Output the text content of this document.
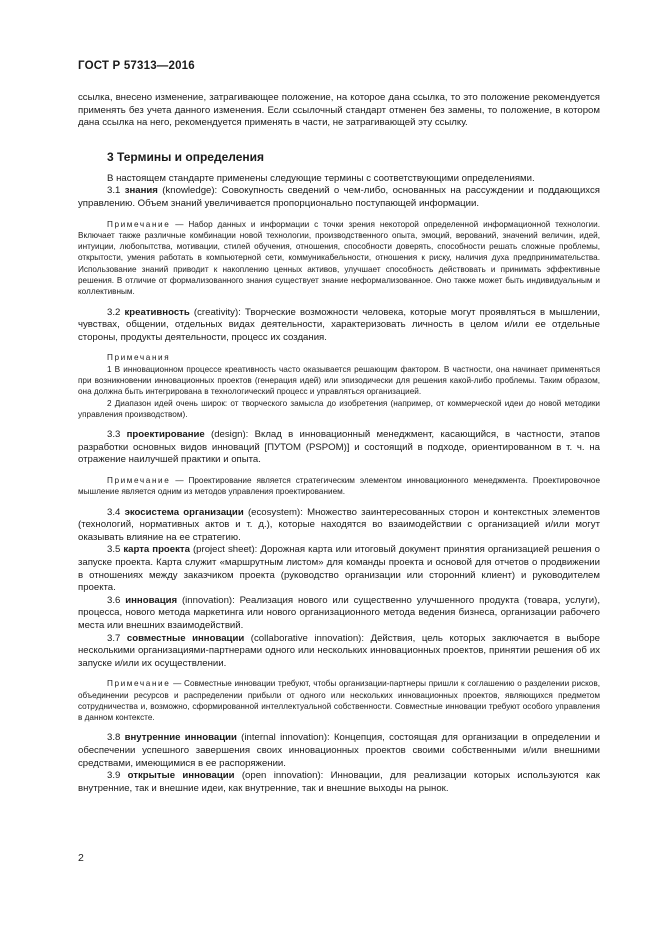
ГОСТ Р 57313—2016

ссылка, внесено изменение, затрагивающее положение, на которое дана ссылка, то это положение рекомендуется применять без учета данного изменения. Если ссылочный стандарт отменен без замены, то положение, в котором дана ссылка на него, рекомендуется применять в части, не затрагивающей эту ссылку.

3 Термины и определения

В настоящем стандарте применены следующие термины с соответствующими определениями.

3.1 знания (knowledge): Совокупность сведений о чем-либо, основанных на рассуждении и поддающихся управлению. Объем знаний увеличивается пропорционально поступающей информации.

Примечание — Набор данных и информации с точки зрения некоторой определенной информационной технологии. Включает также различные комбинации новой технологии, производственного опыта, эмоций, верований, значений величин, идей, интуиции, любопытства, мотивации, стилей обучения, отношения, способности доверять, способности решать сложные проблемы, открытости, умения работать в компьютерной сети, коммуникабельности, отношения к риску, наличия духа предпринимательства. Использование знаний приводит к накоплению ценных активов, улучшает способность действовать и принимать эффективные решения. В отличие от формализованного знания существует знание неформализованное. Оно также может быть индивидуальным и коллективным.

3.2 креативность (creativity): Творческие возможности человека, которые могут проявляться в мышлении, чувствах, общении, отдельных видах деятельности, характеризовать личность в целом и/или ее отдельные стороны, продукты деятельности, процесс их создания.

Примечания

1 В инновационном процессе креативность часто оказывается решающим фактором. В частности, она начинает применяться при возникновении инновационных проектов (генерация идей) или эпизодически для решения какой-либо проблемы. Таким образом, она должна быть интегрирована в технологический процесс и управляться организацией.

2 Диапазон идей очень широк: от творческого замысла до изобретения (например, от коммерческой идеи до новой методики управления производством).

3.3 проектирование (design): Вклад в инновационный менеджмент, касающийся, в частности, этапов разработки основных видов инноваций [ПУТОМ (PSPOM)] и состоящий в подходе, ориентированном в т. ч. на отражение наилучшей практики и опыта.

Примечание — Проектирование является стратегическим элементом инновационного менеджмента. Проектировочное мышление является одним из методов управления проектированием.

3.4 экосистема организации (ecosystem): Множество заинтересованных сторон и контекстных элементов (технологий, нормативных актов и т. д.), которые находятся во взаимодействии с организацией и/или могут оказывать влияние на ее стратегию.

3.5 карта проекта (project sheet): Дорожная карта или итоговый документ принятия организацией решения о запуске проекта. Карта служит «маршрутным листом» для команды проекта и основой для отчетов о продвижении в отношениях между заказчиком проекта (руководство организации или сторонний клиент) и руководителем проекта.

3.6 инновация (innovation): Реализация нового или существенно улучшенного продукта (товара, услуги), процесса, нового метода маркетинга или нового организационного метода ведения бизнеса, организации рабочего места или внешних взаимодействий.

3.7 совместные инновации (collaborative innovation): Действия, цель которых заключается в выборе несколькими организациями-партнерами одного или нескольких инновационных проектов, принятии решения об их запуске и/или их осуществлении.

Примечание — Совместные инновации требуют, чтобы организации-партнеры пришли к соглашению о разделении рисков, объединении ресурсов и распределении прибыли от одного или нескольких инновационных проектов, являющихся предметом сотрудничества и, возможно, сформированной интеллектуальной собственности. Совместные инновации требуют особого управления в данном контексте.

3.8 внутренние инновации (internal innovation): Концепция, состоящая для организации в определении и обеспечении успешного завершения своих инновационных проектов своими собственными и/или внешними средствами, имеющимися в ее распоряжении.

3.9 открытые инновации (open innovation): Инновации, для реализации которых используются как внутренние, так и внешние идеи, как внутренние, так и внешние выходы на рынок.

2
